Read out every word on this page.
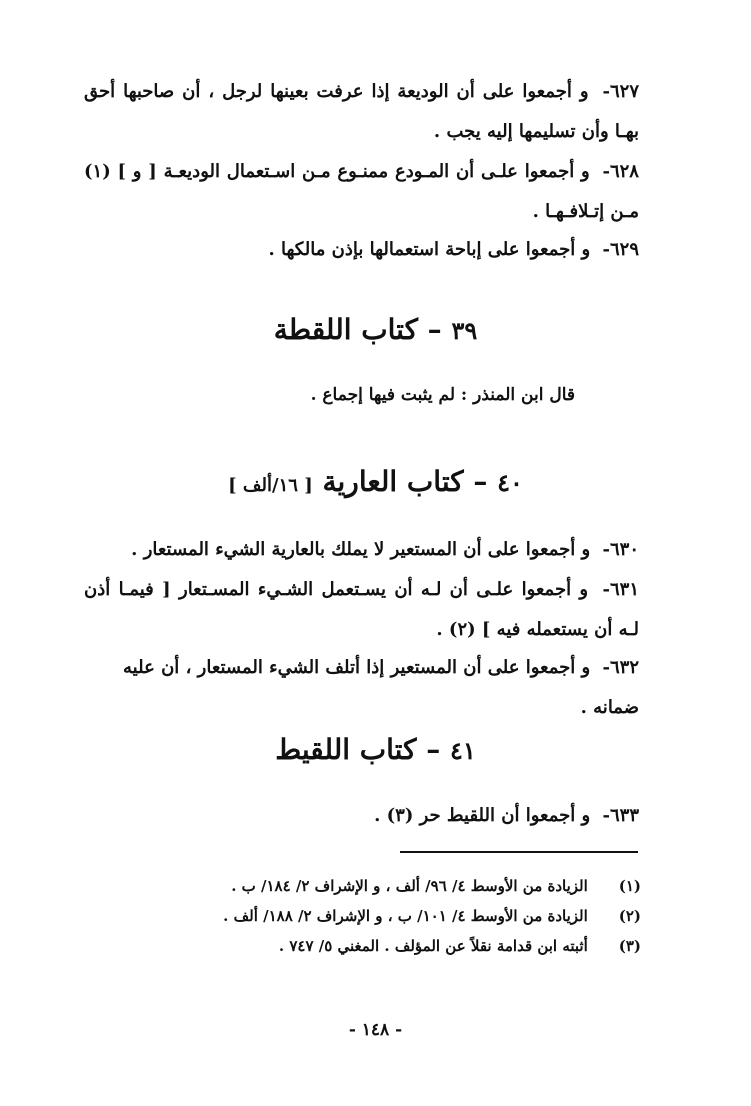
٦٢٧- و أجمعوا على أن الوديعة إذا عرفت بعينها لرجل ، أن صاحبها أحق بهـا وأن تسليمها إليه يجب .
٦٢٨- و أجمعوا علـى أن المـودع ممنـوع مـن اسـتعمال الوديعـة [ و ] (١) مـن إتـلافـهـا .
٦٢٩- و أجمعوا على إباحة استعمالها بإذن مالكها .
٣٩ – كتاب اللقطة
قال ابن المنذر : لم يثبت فيها إجماع .
٤٠ – كتاب العارية [ ١٦/ألف ]
٦٣٠- و أجمعوا على أن المستعير لا يملك بالعارية الشيء المستعار .
٦٣١- و أجمعوا علـى أن لـه أن يسـتعمل الشـيء المسـتعار [ فيمـا أذن لـه أن يستعمله فيه ] (٢) .
٦٣٢- و أجمعوا على أن المستعير إذا أتلف الشيء المستعار ، أن عليه ضمانه .
٤١ – كتاب اللقيط
٦٣٣- و أجمعوا أن اللقيط حر (٣) .
(١) الزيادة من الأوسط ٤/ ٩٦/ ألف ، و الإشراف ٢/ ١٨٤/ ب .
(٢) الزيادة من الأوسط ٤/ ١٠١/ ب ، و الإشراف ٢/ ١٨٨/ ألف .
(٣) أثبته ابن قدامة نقلاً عن المؤلف . المغني ٥/ ٧٤٧ .
- ١٤٨ -
